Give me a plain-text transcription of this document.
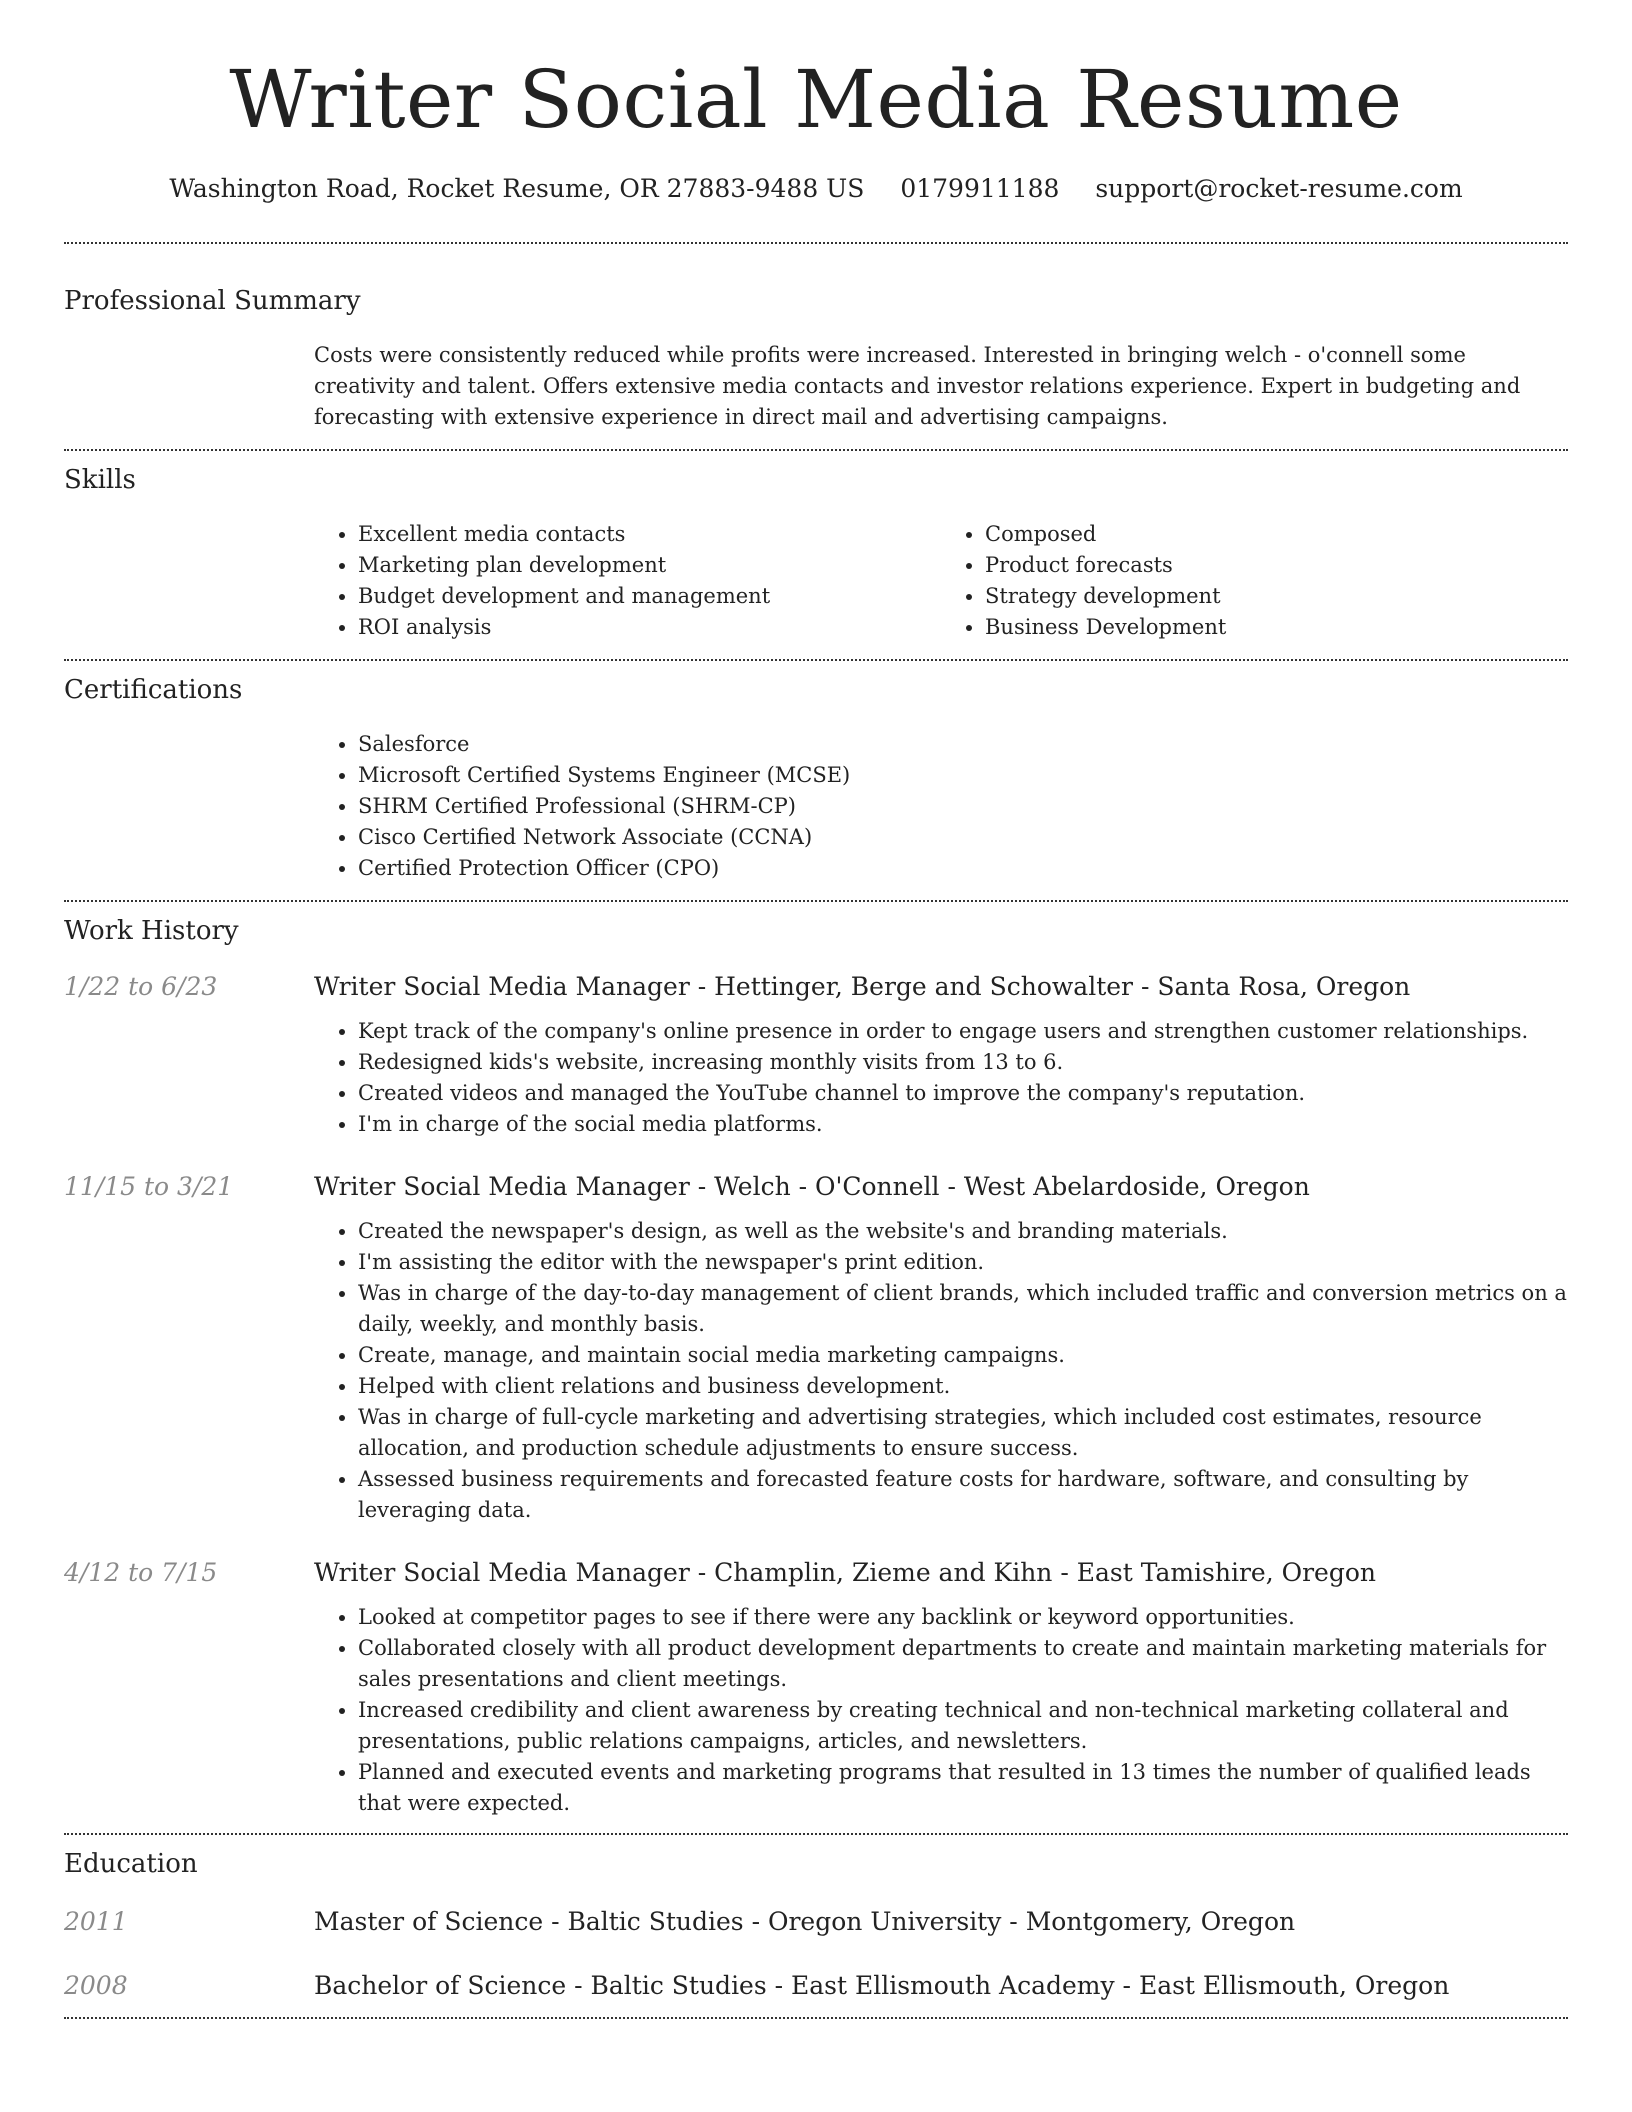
Writer Social Media Resume
Washington Road, Rocket Resume, OR 27883-9488 US 0179911188 support@rocket-resume.com
Professional Summary
Costs were consistently reduced while profits were increased. Interested in bringing welch - o'connell some creativity and talent. Offers extensive media contacts and investor relations experience. Expert in budgeting and forecasting with extensive experience in direct mail and advertising campaigns.
Skills
• Excellent media contacts
• Marketing plan development
• Budget development and management
• ROI analysis
• Composed
• Product forecasts
• Strategy development
• Business Development
Certifications
• Salesforce
• Microsoft Certified Systems Engineer (MCSE)
• SHRM Certified Professional (SHRM-CP)
• Cisco Certified Network Associate (CCNA)
• Certified Protection Officer (CPO)
Work History
1/22 to 6/23	Writer Social Media Manager - Hettinger, Berge and Schowalter - Santa Rosa, Oregon
• Kept track of the company's online presence in order to engage users and strengthen customer relationships.
• Redesigned kids's website, increasing monthly visits from 13 to 6.
• Created videos and managed the YouTube channel to improve the company's reputation.
• I'm in charge of the social media platforms.
11/15 to 3/21	Writer Social Media Manager - Welch - O'Connell - West Abelardoside, Oregon
• Created the newspaper's design, as well as the website's and branding materials.
• I'm assisting the editor with the newspaper's print edition.
• Was in charge of the day-to-day management of client brands, which included traffic and conversion metrics on a daily, weekly, and monthly basis.
• Create, manage, and maintain social media marketing campaigns.
• Helped with client relations and business development.
• Was in charge of full-cycle marketing and advertising strategies, which included cost estimates, resource allocation, and production schedule adjustments to ensure success.
• Assessed business requirements and forecasted feature costs for hardware, software, and consulting by leveraging data.
4/12 to 7/15	Writer Social Media Manager - Champlin, Zieme and Kihn - East Tamishire, Oregon
• Looked at competitor pages to see if there were any backlink or keyword opportunities.
• Collaborated closely with all product development departments to create and maintain marketing materials for sales presentations and client meetings.
• Increased credibility and client awareness by creating technical and non-technical marketing collateral and presentations, public relations campaigns, articles, and newsletters.
• Planned and executed events and marketing programs that resulted in 13 times the number of qualified leads that were expected.
Education
2011	Master of Science - Baltic Studies - Oregon University - Montgomery, Oregon
2008	Bachelor of Science - Baltic Studies - East Ellismouth Academy - East Ellismouth, Oregon
